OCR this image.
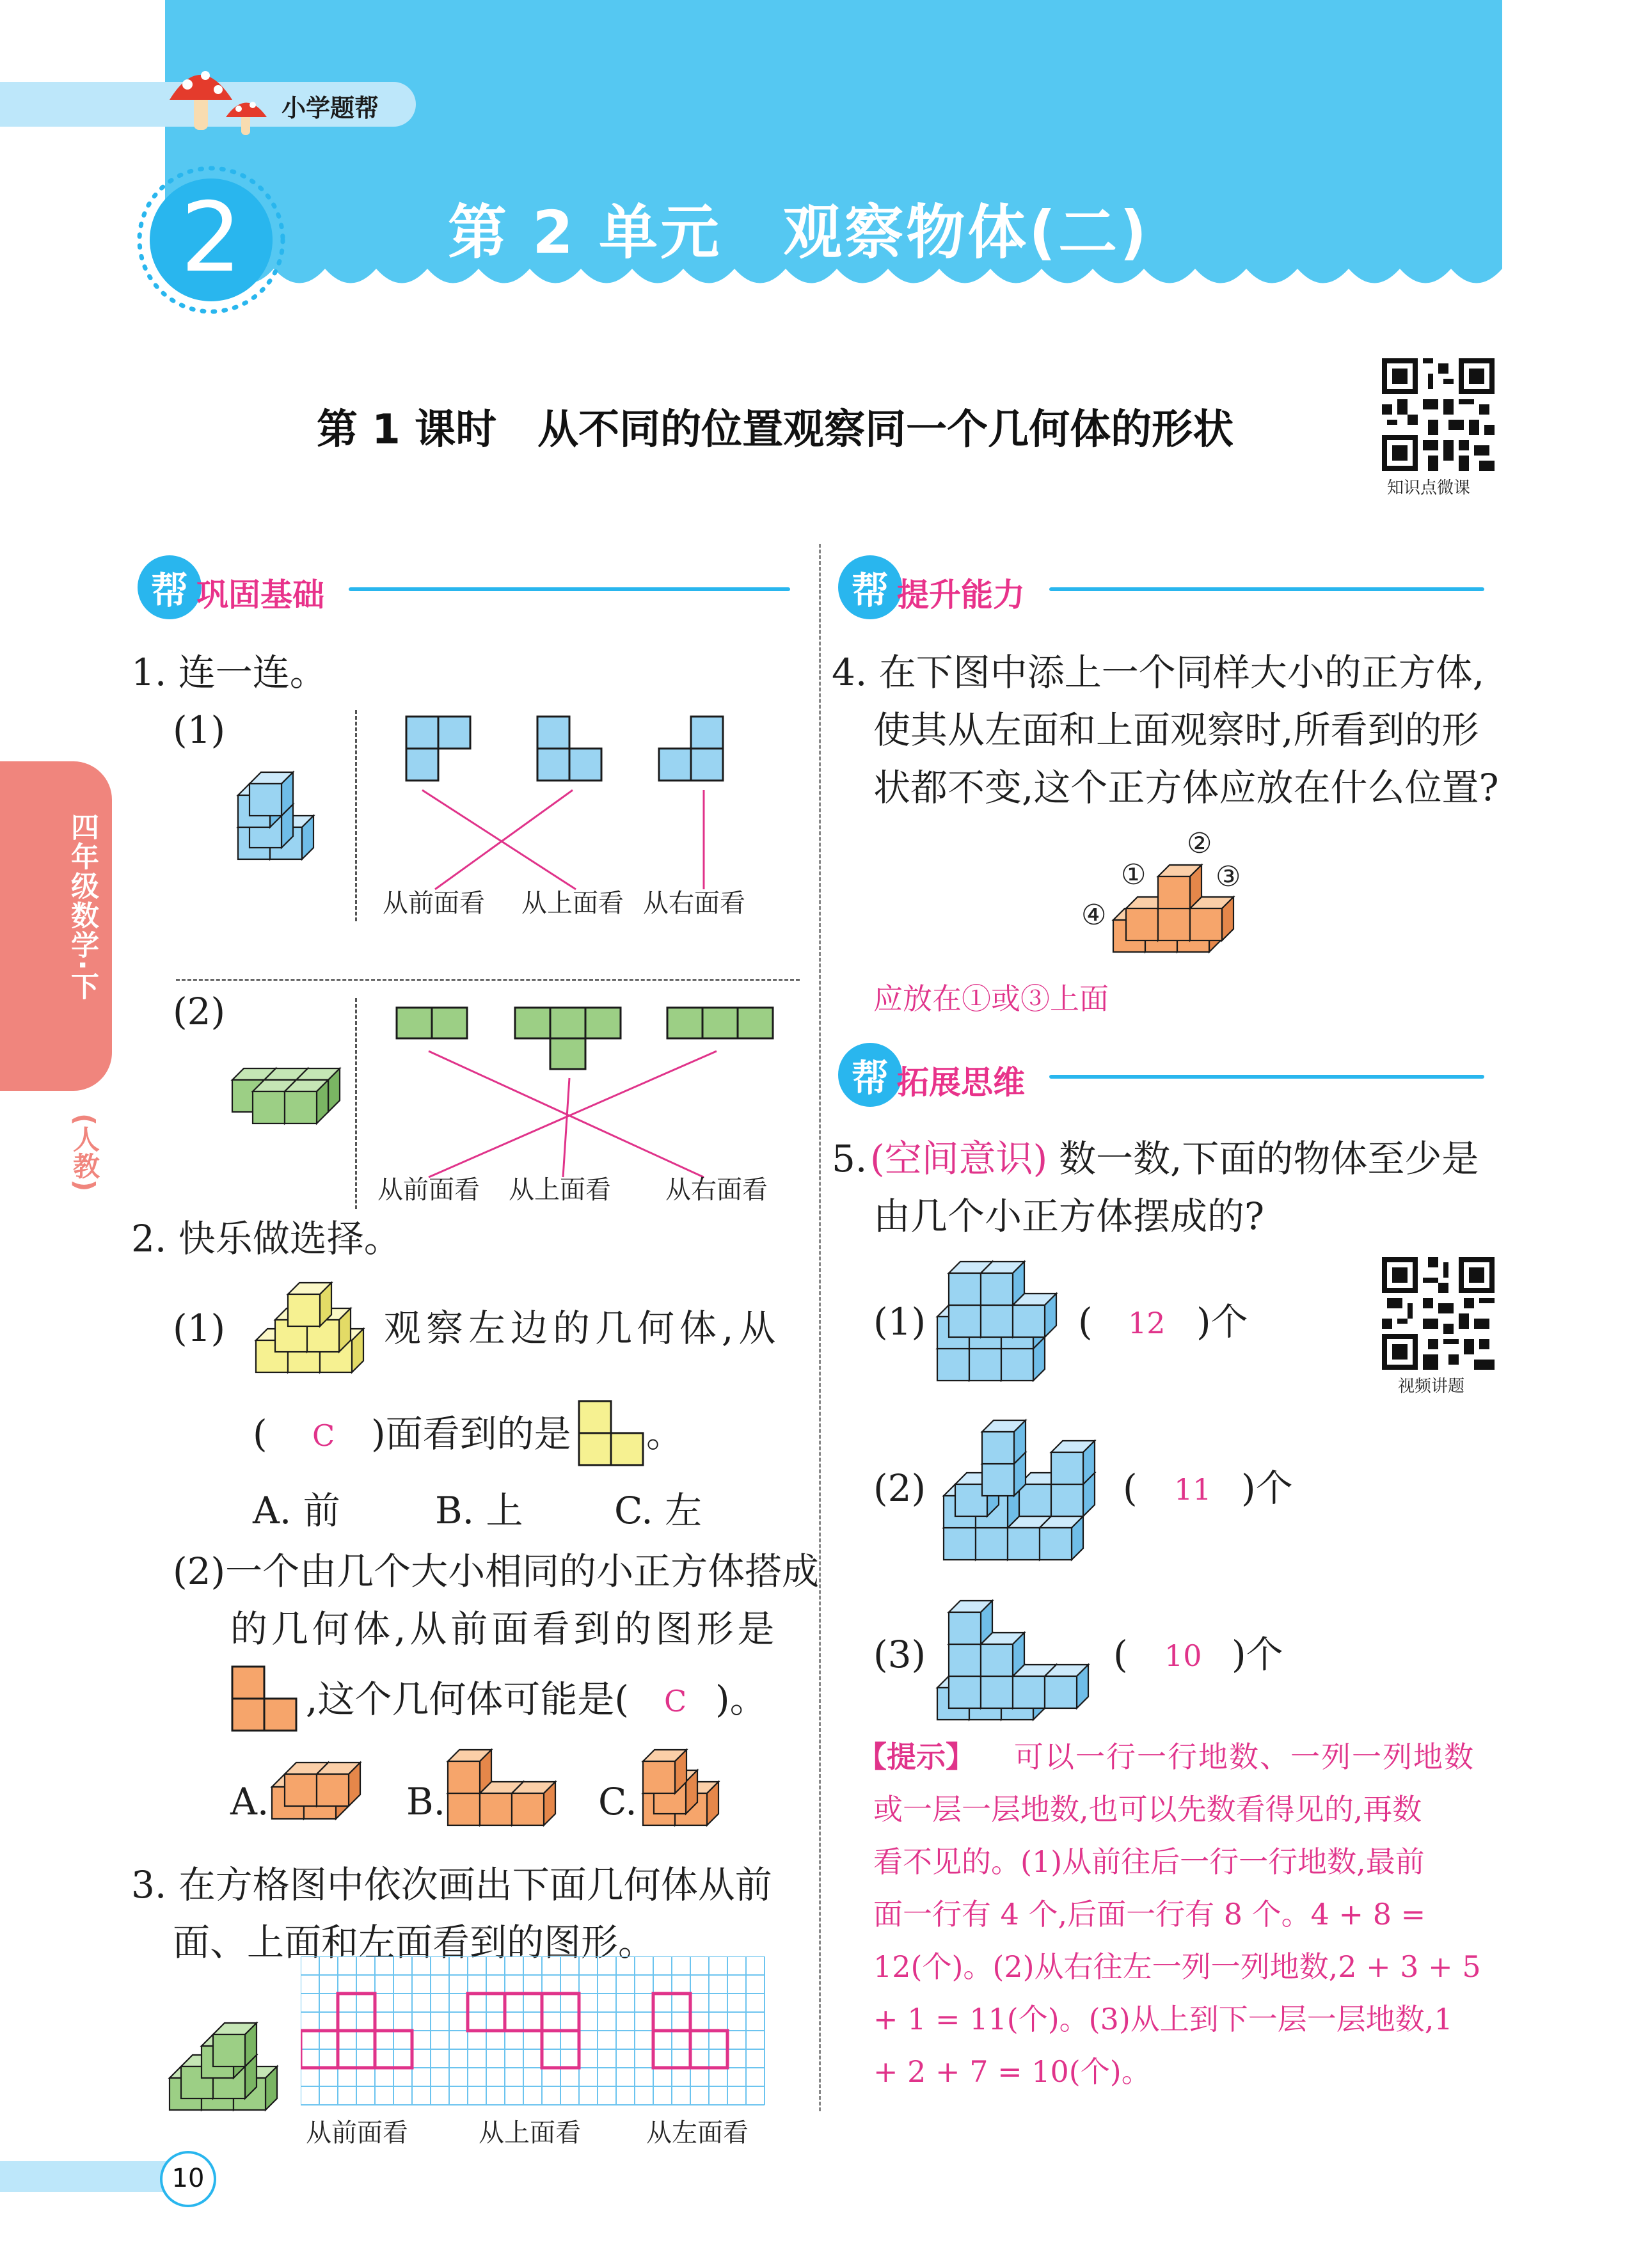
小学题帮
2	第 2 单元　观察物体(二)
第 1 课时　从不同的位置观察同一个几何体的形状
知识点微课
四年级数学·下
(人教)
帮 巩固基础	帮 提升能力
帮 拓展思维
1. 连一连。
(1)
从前面看 从上面看 从右面看
(2)
从前面看 从上面看 从右面看
2. 快乐做选择。
(1)	观察左边的几何体,从
( C )面看到的是 。
A. 前	B. 上 C. 左
(2)一个由几个大小相同的小正方体搭成
的几何体,从前面看到的图形是
,这个几何体可能是( C )。
A.	B.	C.
3. 在方格图中依次画出下面几何体从前
面、上面和左面看到的图形。
从前面看	从上面看	从左面看
4. 在下图中添上一个同样大小的正方体,
使其从左面和上面观察时,所看到的形
状都不变,这个正方体应放在什么位置?
①
②
③
④
应放在①或③上面
5. (空间意识) 数一数,下面的物体至少是
由几个小正方体摆成的?
视频讲题
(1)	( 12 )个
(2)	( 11 )个
(3)	( 10 )个
【提示】 可以一行一行地数、一列一列地数
或一层一层地数,也可以先数看得见的,再数
看不见的。(1)从前往后一行一行地数,最前
面一行有 4 个,后面一行有 8 个。4 + 8 =
12(个)。(2)从右往左一列一列地数,2 + 3 + 5
+ 1 = 11(个)。(3)从上到下一层一层地数,1
+ 2 + 7 = 10(个)。
10
